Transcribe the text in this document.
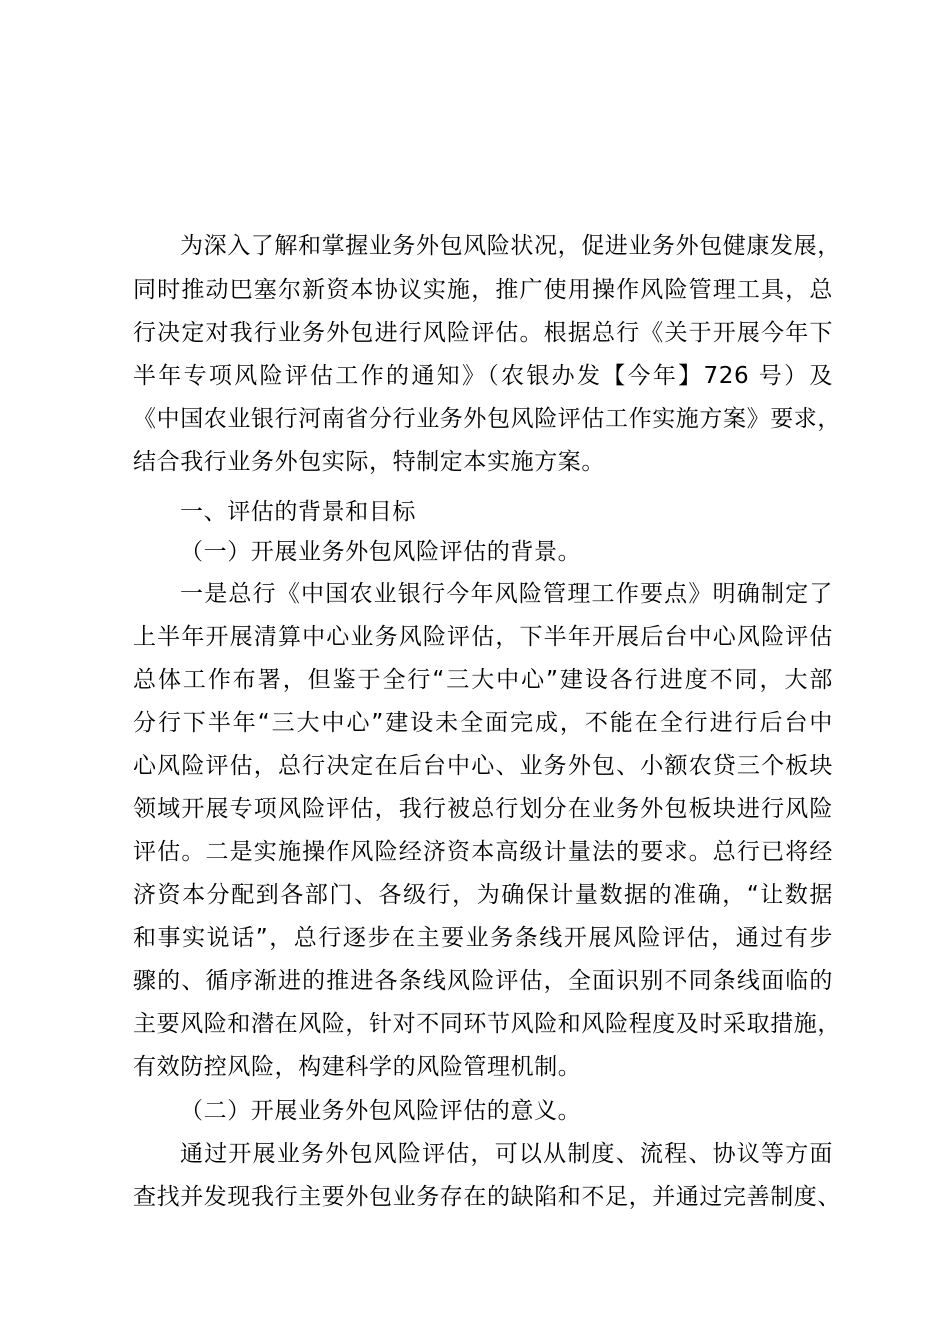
为深入了解和掌握业务外包风险状况，促进业务外包健康发展，
同时推动巴塞尔新资本协议实施，推广使用操作风险管理工具，总
行决定对我行业务外包进行风险评估。根据总行《关于开展今年下
半年专项风险评估工作的通知》（农银办发【今年】726 号）及
《中国农业银行河南省分行业务外包风险评估工作实施方案》要求，
结合我行业务外包实际，特制定本实施方案。
一、评估的背景和目标
（一）开展业务外包风险评估的背景。
一是总行《中国农业银行今年风险管理工作要点》明确制定了
上半年开展清算中心业务风险评估，下半年开展后台中心风险评估
总体工作布署，但鉴于全行“三大中心”建设各行进度不同，大部
分行下半年“三大中心”建设未全面完成，不能在全行进行后台中
心风险评估，总行决定在后台中心、业务外包、小额农贷三个板块
领域开展专项风险评估，我行被总行划分在业务外包板块进行风险
评估。二是实施操作风险经济资本高级计量法的要求。总行已将经
济资本分配到各部门、各级行，为确保计量数据的准确，“让数据
和事实说话”，总行逐步在主要业务条线开展风险评估，通过有步
骤的、循序渐进的推进各条线风险评估，全面识别不同条线面临的
主要风险和潜在风险，针对不同环节风险和风险程度及时采取措施，
有效防控风险，构建科学的风险管理机制。
（二）开展业务外包风险评估的意义。
通过开展业务外包风险评估，可以从制度、流程、协议等方面
查找并发现我行主要外包业务存在的缺陷和不足，并通过完善制度、
